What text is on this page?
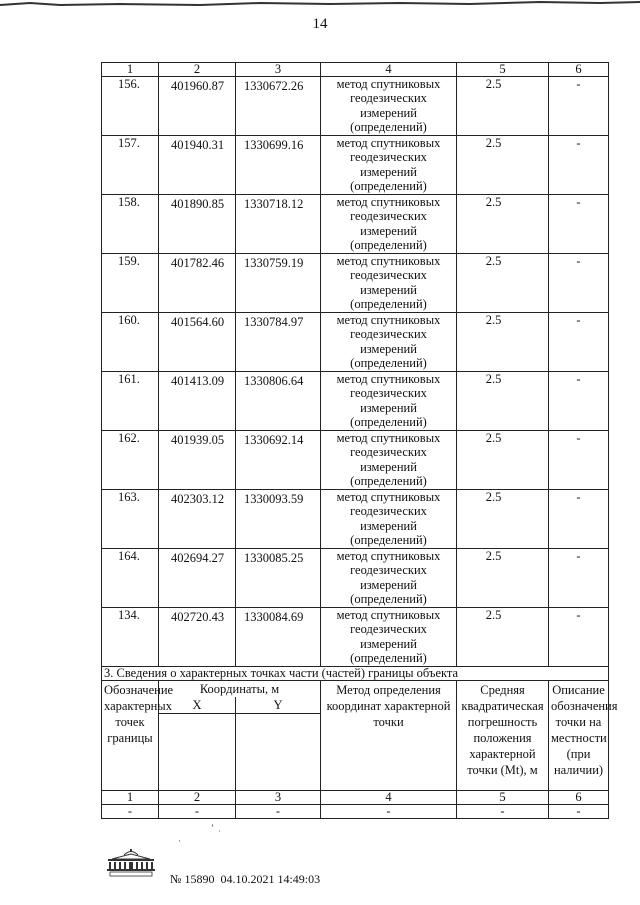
14
1	2	3	4	5	6
156.	401960.87	1330672.26	метод спутниковых геодезических измерений (определений)	2.5	-
157.	401940.31	1330699.16	метод спутниковых геодезических измерений (определений)	2.5	-
158.	401890.85	1330718.12	метод спутниковых геодезических измерений (определений)	2.5	-
159.	401782.46	1330759.19	метод спутниковых геодезических измерений (определений)	2.5	-
160.	401564.60	1330784.97	метод спутниковых геодезических измерений (определений)	2.5	-
161.	401413.09	1330806.64	метод спутниковых геодезических измерений (определений)	2.5	-
162.	401939.05	1330692.14	метод спутниковых геодезических измерений (определений)	2.5	-
163.	402303.12	1330093.59	метод спутниковых геодезических измерений (определений)	2.5	-
164.	402694.27	1330085.25	метод спутниковых геодезических измерений (определений)	2.5	-
134.	402720.43	1330084.69	метод спутниковых геодезических измерений (определений)	2.5	-
3. Сведения о характерных точках части (частей) границы объекта					
Обозначение характерных точек границы	Координаты, м		Метод определения координат характерной точки	Средняя квадратическая погрешность положения характерной точки (Mt), м	Описание обозначения точки на местности (при наличии)
	X	Y			

1	2	3	4	5	6
-	-	-	-	-	-
ʼ
·
˙
№ 15890 04.10.2021 14:49:03
